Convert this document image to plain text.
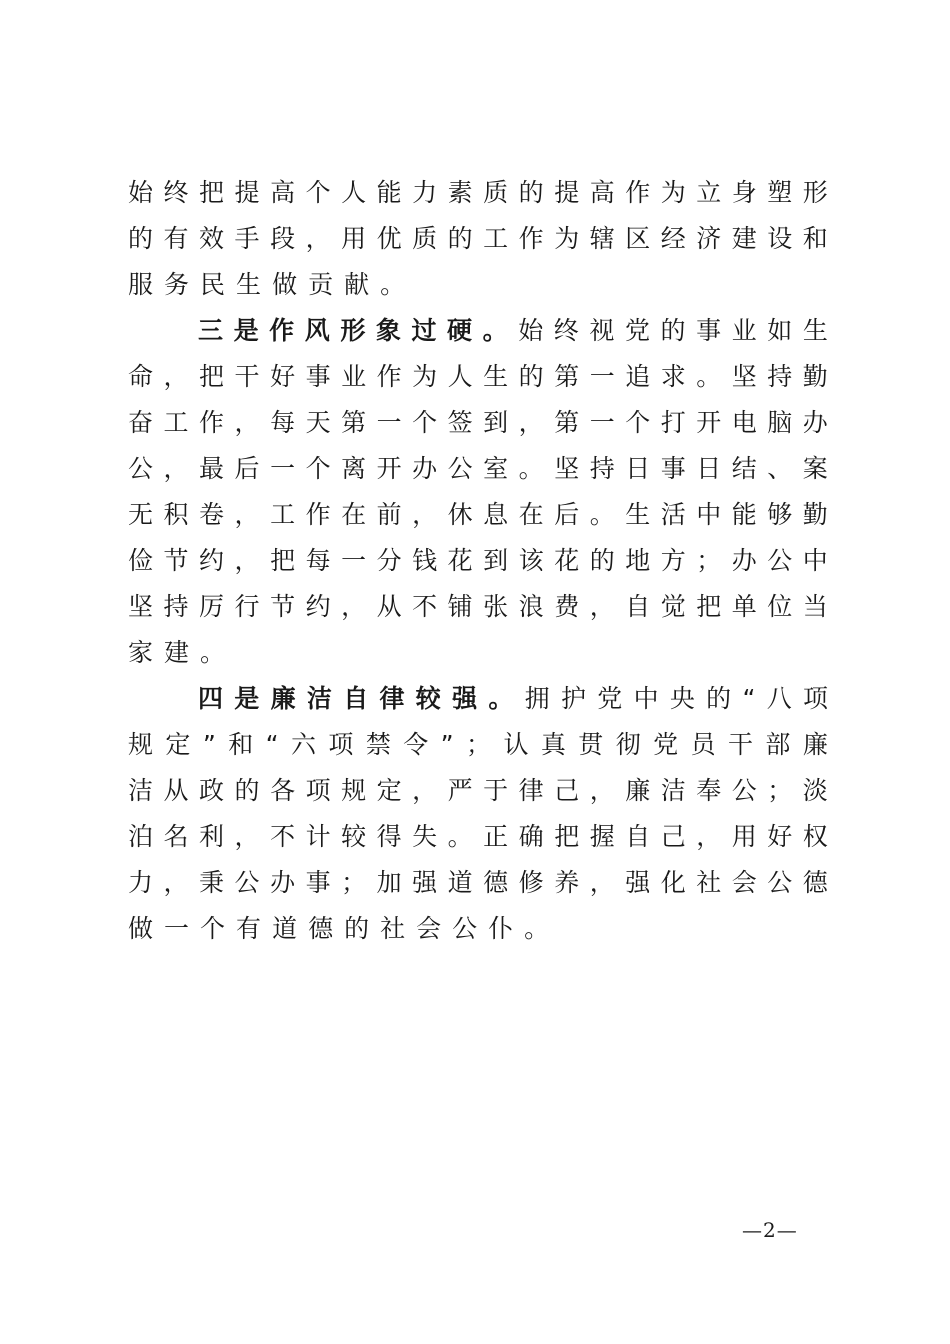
始 终 把 提 高 个 人 能 力 素 质 的 提 高 作 为 立 身 塑 形
的 有 效 手 段 ， 用 优 质 的 工 作 为 辖 区 经 济 建 设 和
服 务 民 生 做 贡 献 。
三 是 作 风 形 象 过 硬 。 始 终 视 党 的 事 业 如 生
命 ， 把 干 好 事 业 作 为 人 生 的 第 一 追 求 。 坚 持 勤
奋 工 作 ， 每 天 第 一 个 签 到 ， 第 一 个 打 开 电 脑 办
公 ， 最 后 一 个 离 开 办 公 室 。 坚 持 日 事 日 结 、 案
无 积 卷 ， 工 作 在 前 ， 休 息 在 后 。 生 活 中 能 够 勤
俭 节 约 ， 把 每 一 分 钱 花 到 该 花 的 地 方 ； 办 公 中
坚 持 厉 行 节 约 ， 从 不 铺 张 浪 费 ， 自 觉 把 单 位 当
家 建 。
四 是 廉 洁 自 律 较 强 。 拥 护 党 中 央 的 “ 八 项
规 定 ” 和 “ 六 项 禁 令 ” ； 认 真 贯 彻 党 员 干 部 廉
洁 从 政 的 各 项 规 定 ， 严 于 律 己 ， 廉 洁 奉 公 ； 淡
泊 名 利 ， 不 计 较 得 失 。 正 确 把 握 自 己 ， 用 好 权
力 ， 秉 公 办 事 ； 加 强 道 德 修 养 ， 强 化 社 会 公 德
做 一 个 有 道 德 的 社 会 公 仆 。
—2—
